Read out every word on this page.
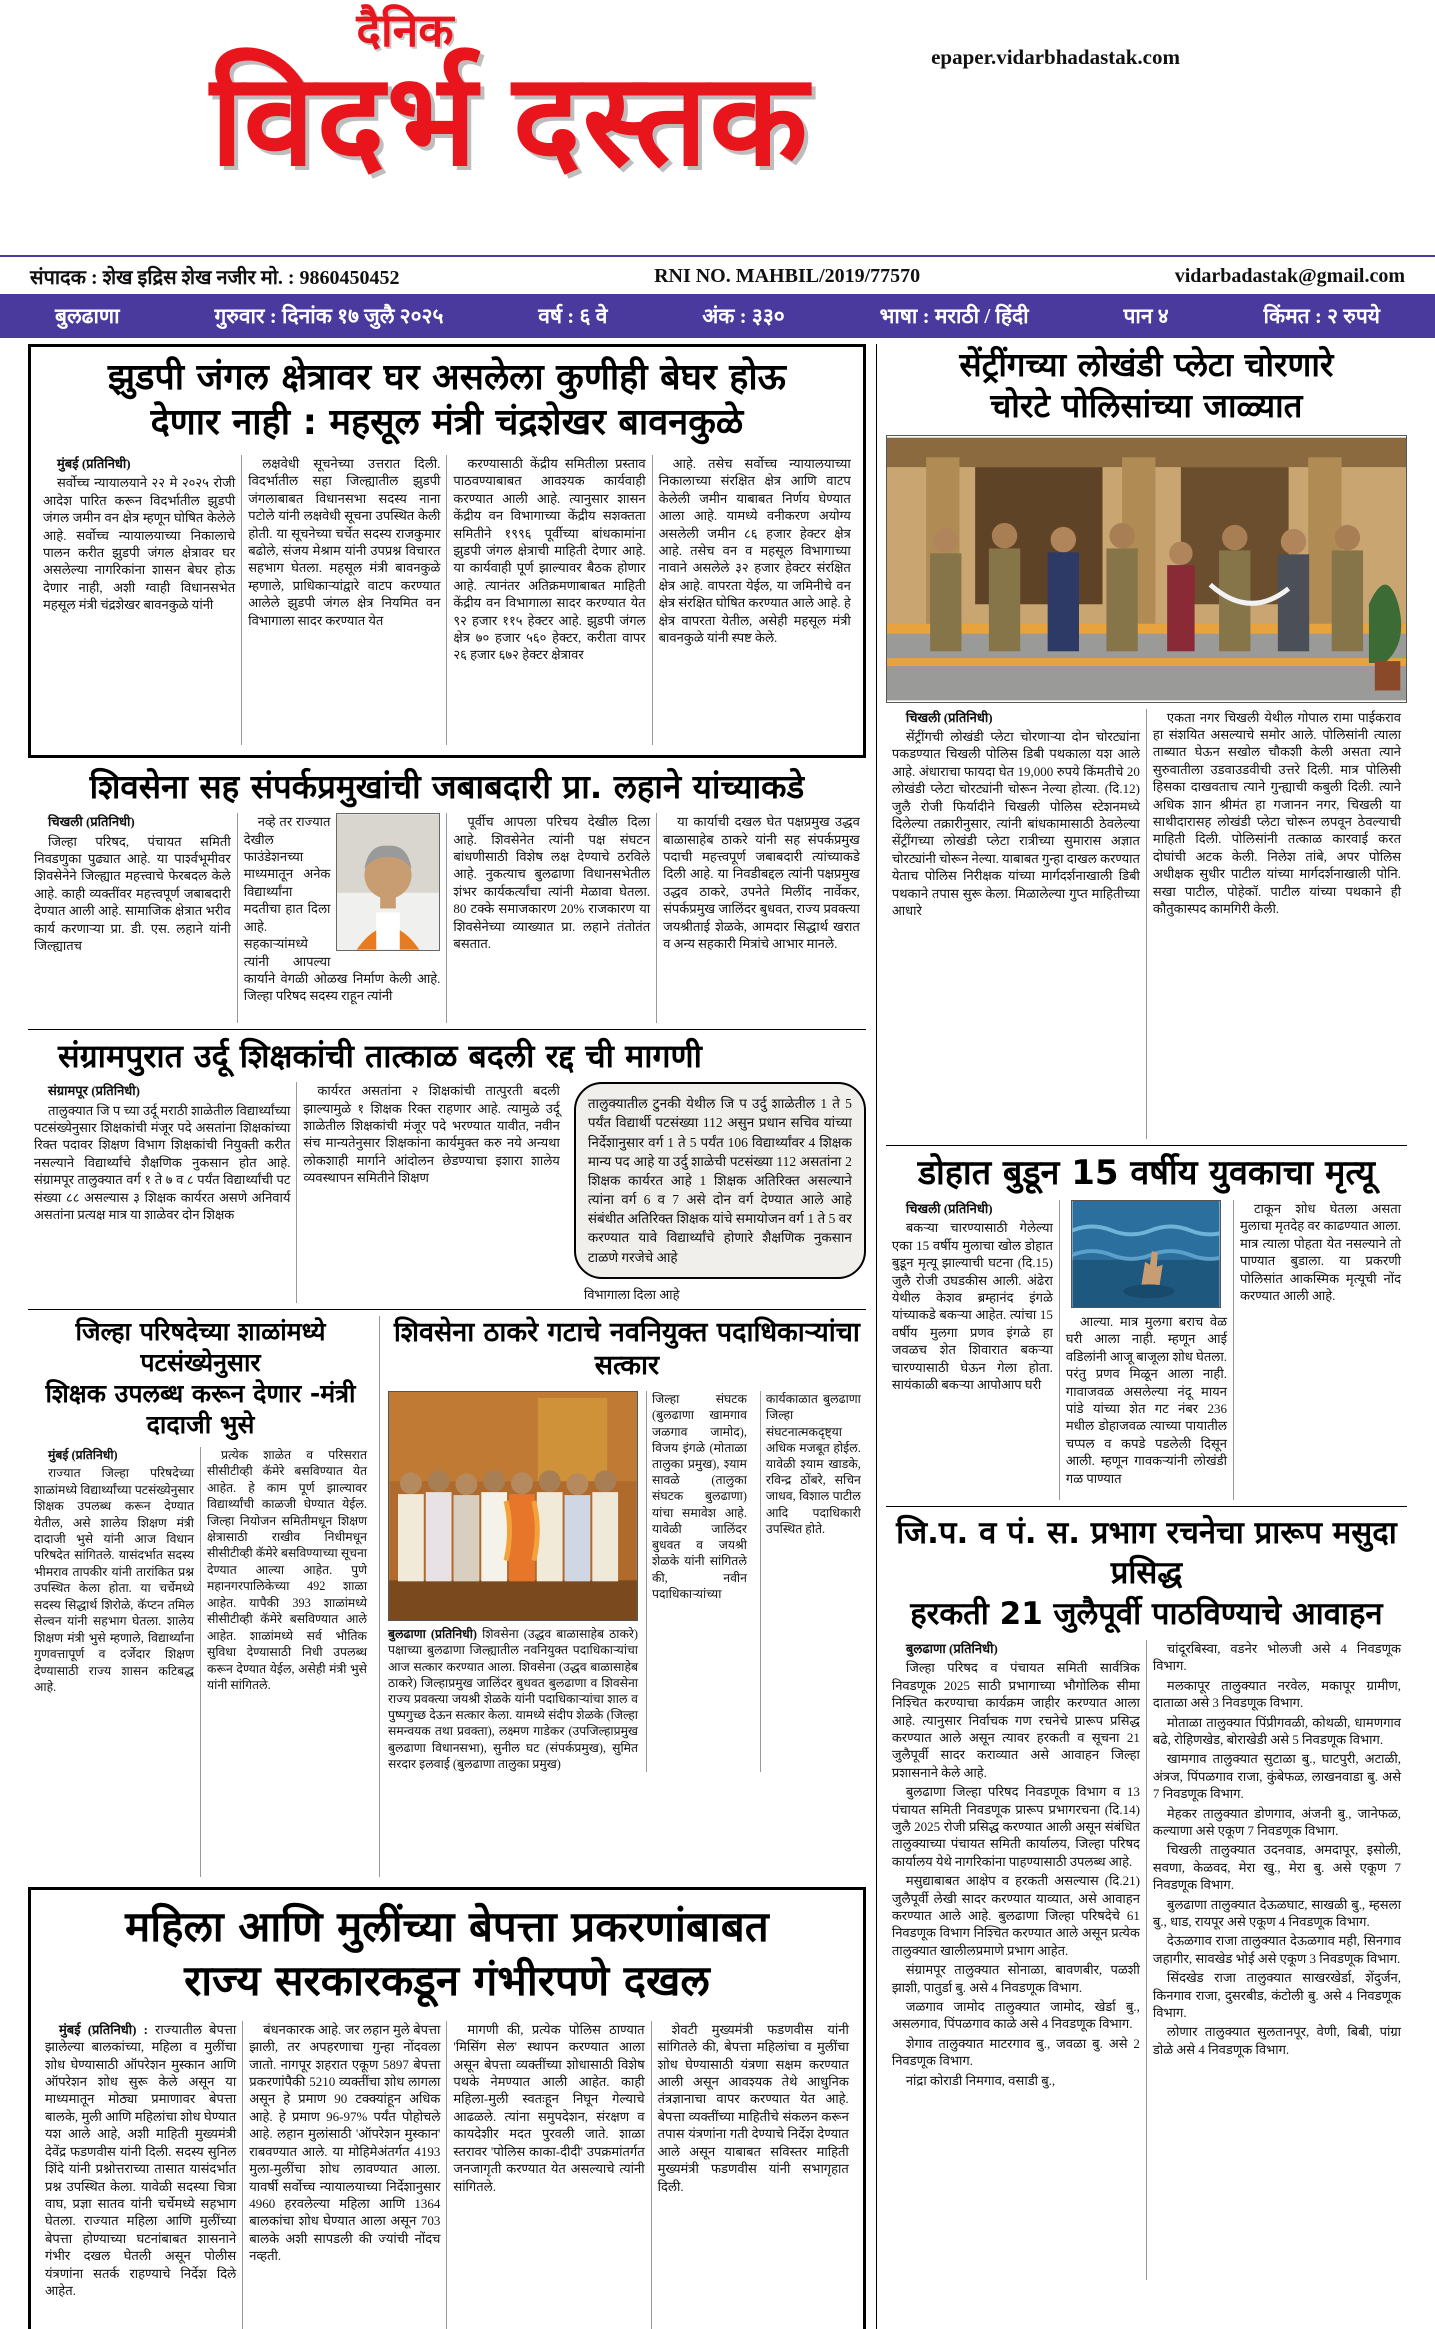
epaper.vidarbhadastak.com
दैनिक
विदर्भ दस्तक
संपादक : शेख इद्रिस शेख नजीर मो. : 9860450452	RNI NO. MAHBIL/2019/77570	vidarbadastak@gmail.com
बुलढाणा	गुरुवार : दिनांक १७ जुलै २०२५	वर्ष : ६ वे	अंक : ३३०	भाषा : मराठी / हिंदी	पान ४	किंमत : २ रुपये
झुडपी जंगल क्षेत्रावर घर असलेला कुणीही बेघर होऊ
देणार नाही : महसूल मंत्री चंद्रशेखर बावनकुळे

मुंबई (प्रतिनिधी)

सर्वोच्च न्यायालयाने २२ मे २०२५ रोजी आदेश पारित करून विदर्भातील झुडपी जंगल जमीन वन क्षेत्र म्हणून घोषित केलेले आहे. सर्वोच्च न्यायालयाच्या निकालाचे पालन करीत झुडपी जंगल क्षेत्रावर घर असलेल्या नागरिकांना शासन बेघर होऊ देणार नाही, अशी ग्वाही विधानसभेत महसूल मंत्री चंद्रशेखर बावनकुळे यांनी

लक्षवेधी सूचनेच्या उत्तरात दिली. विदर्भातील सहा जिल्ह्यातील झुडपी जंगलाबाबत विधानसभा सदस्य नाना पटोले यांनी लक्षवेधी सूचना उपस्थित केली होती. या सूचनेच्या चर्चेत सदस्य राजकुमार बढोले, संजय मेश्राम यांनी उपप्रश्न विचारत सहभाग घेतला. महसूल मंत्री बावनकुळे म्हणाले, प्राधिकाऱ्यांद्वारे वाटप करण्यात आलेले झुडपी जंगल क्षेत्र नियमित वन विभागाला सादर करण्यात येत

करण्यासाठी केंद्रीय समितीला प्रस्ताव पाठवण्याबाबत आवश्यक कार्यवाही करण्यात आली आहे. त्यानुसार शासन केंद्रीय वन विभागाच्या केंद्रीय सशक्तता समितीने १९९६ पूर्वीच्या बांधकामांना झुडपी जंगल क्षेत्राची माहिती देणार आहे. या कार्यवाही पूर्ण झाल्यावर बैठक होणार आहे. त्यानंतर अतिक्रमणाबाबत माहिती केंद्रीय वन विभागाला सादर करण्यात येत ९२ हजार ११५ हेक्टर आहे. झुडपी जंगल क्षेत्र ७० हजार ५६० हेक्टर, करीता वापर २६ हजार ६७२ हेक्टर क्षेत्रावर

आहे. तसेच सर्वोच्च न्यायालयाच्या निकालाच्या संरक्षित क्षेत्र आणि वाटप केलेली जमीन याबाबत निर्णय घेण्यात आला आहे. यामध्ये वनीकरण अयोग्य असलेली जमीन ८६ हजार हेक्टर क्षेत्र आहे. तसेच वन व महसूल विभागाच्या नावाने असलेले ३२ हजार हेक्टर संरक्षित क्षेत्र आहे. वापरता येईल, या जमिनीचे वन क्षेत्र संरक्षित घोषित करण्यात आले आहे. हे क्षेत्र वापरता येतील, असेही महसूल मंत्री बावनकुळे यांनी स्पष्ट केले.

शिवसेना सह संपर्कप्रमुखांची जबाबदारी प्रा. लहाने यांच्याकडे

चिखली (प्रतिनिधी)

जिल्हा परिषद, पंचायत समिती निवडणुका पुढ्यात आहे. या पार्श्वभूमीवर शिवसेनेने जिल्ह्यात महत्त्वाचे फेरबदल केले आहे. काही व्यक्तींवर महत्त्वपूर्ण जबाबदारी देण्यात आली आहे. सामाजिक क्षेत्रात भरीव कार्य करणाऱ्या प्रा. डी. एस. लहाने यांनी जिल्ह्यातच

नव्हे तर राज्यात देखील फाउंडेशनच्या माध्यमातून अनेक विद्यार्थ्यांना मदतीचा हात दिला आहे. सहकाऱ्यांमध्ये त्यांनी आपल्या कार्याने वेगळी ओळख निर्माण केली आहे. जिल्हा परिषद सदस्य राहून त्यांनी

पूर्वीच आपला परिचय देखील दिला आहे. शिवसेनेत त्यांनी पक्ष संघटन बांधणीसाठी विशेष लक्ष देण्याचे ठरविले आहे. नुकत्याच बुलढाणा विधानसभेतील शंभर कार्यकर्त्यांचा त्यांनी मेळावा घेतला. 80 टक्के समाजकारण 20% राजकारण या शिवसेनेच्या व्याख्यात प्रा. लहाने तंतोतंत बसतात.

या कार्याची दखल घेत पक्षप्रमुख उद्धव बाळासाहेब ठाकरे यांनी सह संपर्कप्रमुख पदाची महत्त्वपूर्ण जबाबदारी त्यांच्याकडे दिली आहे. या निवडीबद्दल त्यांनी पक्षप्रमुख उद्धव ठाकरे, उपनेते मिलींद नार्वेकर, संपर्कप्रमुख जालिंदर बुधवत, राज्य प्रवक्त्या जयश्रीताई शेळके, आमदार सिद्धार्थ खरात व अन्य सहकारी मित्रांचे आभार मानले.

संग्रामपुरात उर्दू शिक्षकांची तात्काळ बदली रद्द ची मागणी

संग्रामपूर (प्रतिनिधी)

तालुक्यात जि प च्या उर्दू मराठी शाळेतील विद्यार्थ्यांच्या पटसंख्येनुसार शिक्षकांची मंजूर पदे असतांना शिक्षकांच्या रिक्त पदावर शिक्षण विभाग शिक्षकांची नियुक्ती करीत नसल्याने विद्यार्थ्यांचे शैक्षणिक नुकसान होत आहे. संग्रामपूर तालुक्यात वर्ग १ ते ७ व ८ पर्यंत विद्यार्थ्यांची पट संख्या ८८ असल्यास ३ शिक्षक कार्यरत असणे अनिवार्य असतांना प्रत्यक्ष मात्र या शाळेवर दोन शिक्षक

कार्यरत असतांना २ शिक्षकांची तात्पुरती बदली झाल्यामुळे १ शिक्षक रिक्त राहणार आहे. त्यामुळे उर्दू शाळेतील शिक्षकांची मंजूर पदे भरण्यात यावीत, नवीन संच मान्यतेनुसार शिक्षकांना कार्यमुक्त करु नये अन्यथा लोकशाही मार्गाने आंदोलन छेडण्याचा इशारा शालेय व्यवस्थापन समितीने शिक्षण

तालुक्यातील टुनकी येथील जि प उर्दु शाळेतील 1 ते 5 पर्यंत विद्यार्थी पटसंख्या 112 असुन प्रधान सचिव यांच्या निर्देशानुसार वर्ग 1 ते 5 पर्यंत 106 विद्यार्थ्यांवर 4 शिक्षक मान्य पद आहे या उर्दु शाळेची पटसंख्या 112 असतांना 2 शिक्षक कार्यरत आहे 1 शिक्षक अतिरिक्त असल्याने त्यांना वर्ग 6 व 7 असे दोन वर्ग देण्यात आले आहे संबंधीत अतिरिक्त शिक्षक यांचे समायोजन वर्ग 1 ते 5 वर करण्यात यावे विद्यार्थ्यांचे होणारे शैक्षणिक नुकसान टाळणे गरजेचे आहे
विभागाला दिला आहे
जिल्हा परिषदेच्या शाळांमध्ये पटसंख्येनुसार
शिक्षक उपलब्ध करून देणार -मंत्री दादाजी भुसे

मुंबई (प्रतिनिधी)

राज्यात जिल्हा परिषदेच्या शाळांमध्ये विद्यार्थ्यांच्या पटसंख्येनुसार शिक्षक उपलब्ध करून देण्यात येतील, असे शालेय शिक्षण मंत्री दादाजी भुसे यांनी आज विधान परिषदेत सांगितले. यासंदर्भात सदस्य भीमराव तापकीर यांनी तारांकित प्रश्न उपस्थित केला होता. या चर्चेमध्ये सदस्य सिद्धार्थ शिरोळे, कॅप्टन तमिल सेल्वन यांनी सहभाग घेतला. शालेय शिक्षण मंत्री भुसे म्हणाले, विद्यार्थ्यांना गुणवत्तापूर्ण व दर्जेदार शिक्षण देण्यासाठी राज्य शासन कटिबद्ध आहे.

प्रत्येक शाळेत व परिसरात सीसीटीव्ही कॅमेरे बसविण्यात येत आहेत. हे काम पूर्ण झाल्यावर विद्यार्थ्यांची काळजी घेण्यात येईल. जिल्हा नियोजन समितीमधून शिक्षण क्षेत्रासाठी राखीव निधीमधून सीसीटीव्ही कॅमेरे बसविण्याच्या सूचना देण्यात आल्या आहेत. पुणे महानगरपालिकेच्या 492 शाळा आहेत. यापैकी 393 शाळांमध्ये सीसीटीव्ही कॅमेरे बसविण्यात आले आहेत. शाळांमध्ये सर्व भौतिक सुविधा देण्यासाठी निधी उपलब्ध करून देण्यात येईल, असेही मंत्री भुसे यांनी सांगितले.

शिवसेना ठाकरे गटाचे नवनियुक्त पदाधिकाऱ्यांचा सत्कार
बुलढाणा (प्रतिनिधी) शिवसेना (उद्धव बाळासाहेब ठाकरे) पक्षाच्या बुलढाणा जिल्ह्यातील नवनियुक्त पदाधिकाऱ्यांचा आज सत्कार करण्यात आला. शिवसेना (उद्धव बाळासाहेब ठाकरे) जिल्हाप्रमुख जालिंदर बुधवत बुलढाणा व शिवसेना राज्य प्रवक्त्या जयश्री शेळके यांनी पदाधिकाऱ्यांचा शाल व पुष्पगुच्छ देऊन सत्कार केला. यामध्ये संदीप शेळके (जिल्हा समन्वयक तथा प्रवक्ता), लक्ष्मण गाडेकर (उपजिल्हाप्रमुख बुलढाणा विधानसभा), सुनील घट (संपर्कप्रमुख), सुमित सरदार इलवाई (बुलढाणा तालुका प्रमुख)
जिल्हा संघटक (बुलढाणा खामगाव जळगाव जामोद), विजय इंगळे (मोताळा तालुका प्रमुख), श्याम सावळे (तालुका संघटक बुलढाणा) यांचा समावेश आहे. यावेळी जालिंदर बुधवत व जयश्री शेळके यांनी सांगितले की, नवीन पदाधिकाऱ्यांच्या
कार्यकाळात बुलढाणा जिल्हा संघटनात्मकदृष्ट्या अधिक मजबूत होईल. यावेळी श्याम खाडके, रविन्द्र ठोंबरे, सचिन जाधव, विशाल पाटील आदि पदाधिकारी उपस्थित होते.
महिला आणि मुलींच्या बेपत्ता प्रकरणांबाबत
राज्य सरकारकडून गंभीरपणे दखल

मुंबई (प्रतिनिधी) : राज्यातील बेपत्ता झालेल्या बालकांच्या, महिला व मुलींचा शोध घेण्यासाठी ऑपरेशन मुस्कान आणि ऑपरेशन शोध सुरू केले असून या माध्यमातून मोठ्या प्रमाणावर बेपत्ता बालके, मुली आणि महिलांचा शोध घेण्यात यश आले आहे, अशी माहिती मुख्यमंत्री देवेंद्र फडणवीस यांनी दिली. सदस्य सुनिल शिंदे यांनी प्रश्नोत्तराच्या तासात यासंदर्भात प्रश्न उपस्थित केला. यावेळी सदस्या चित्रा वाघ, प्रज्ञा सातव यांनी चर्चेमध्ये सहभाग घेतला. राज्यात महिला आणि मुलींच्या बेपत्ता होण्याच्या घटनांबाबत शासनाने गंभीर दखल घेतली असून पोलीस यंत्रणांना सतर्क राहण्याचे निर्देश दिले आहेत.

बंधनकारक आहे. जर लहान मुले बेपत्ता झाली, तर अपहरणाचा गुन्हा नोंदवला जातो. नागपूर शहरात एकूण 5897 बेपत्ता प्रकरणांपैकी 5210 व्यक्तींचा शोध लागला असून हे प्रमाण 90 टक्क्यांहून अधिक आहे. हे प्रमाण 96-97% पर्यंत पोहोचले आहे. लहान मुलांसाठी 'ऑपरेशन मुस्कान' राबवण्यात आले. या मोहिमेअंतर्गत 4193 मुला-मुलींचा शोध लावण्यात आला. यावर्षी सर्वोच्च न्यायालयाच्या निर्देशानुसार 4960 हरवलेल्या महिला आणि 1364 बालकांचा शोध घेण्यात आला असून 703 बालके अशी सापडली की ज्यांची नोंदच नव्हती.

मागणी की, प्रत्येक पोलिस ठाण्यात 'मिसिंग सेल' स्थापन करण्यात आला असून बेपत्ता व्यक्तींच्या शोधासाठी विशेष पथके नेमण्यात आली आहेत. काही महिला-मुली स्वतःहून निघून गेल्याचे आढळले. त्यांना समुपदेशन, संरक्षण व कायदेशीर मदत पुरवली जाते. शाळा स्तरावर 'पोलिस काका-दीदी' उपक्रमांतर्गत जनजागृती करण्यात येत असल्याचे त्यांनी सांगितले.

शेवटी मुख्यमंत्री फडणवीस यांनी सांगितले की, बेपत्ता महिलांचा व मुलींचा शोध घेण्यासाठी यंत्रणा सक्षम करण्यात आली असून आवश्यक तेथे आधुनिक तंत्रज्ञानाचा वापर करण्यात येत आहे. बेपत्ता व्यक्तींच्या माहितीचे संकलन करून तपास यंत्रणांना गती देण्याचे निर्देश देण्यात आले असून याबाबत सविस्तर माहिती मुख्यमंत्री फडणवीस यांनी सभागृहात दिली.

सेंट्रींगच्या लोखंडी प्लेटा चोरणारे
चोरटे पोलिसांच्या जाळ्यात

चिखली (प्रतिनिधी)

सेंट्रींगची लोखंडी प्लेटा चोरणाऱ्या दोन चोरट्यांना पकडण्यात चिखली पोलिस डिबी पथकाला यश आले आहे. अंधाराचा फायदा घेत 19,000 रुपये किंमतीचे 20 लोखंडी प्लेटा चोरट्यांनी चोरून नेल्या होत्या. (दि.12) जुलै रोजी फिर्यादीने चिखली पोलिस स्टेशनमध्ये दिलेल्या तक्रारीनुसार, त्यांनी बांधकामासाठी ठेवलेल्या सेंट्रींगच्या लोखंडी प्लेटा रात्रीच्या सुमारास अज्ञात चोरट्यांनी चोरून नेल्या. याबाबत गुन्हा दाखल करण्यात येताच पोलिस निरीक्षक यांच्या मार्गदर्शनाखाली डिबी पथकाने तपास सुरू केला. मिळालेल्या गुप्त माहितीच्या आधारे

एकता नगर चिखली येथील गोपाल रामा पाईकराव हा संशयित असल्याचे समोर आले. पोलिसांनी त्याला ताब्यात घेऊन सखोल चौकशी केली असता त्याने सुरुवातीला उडवाउडवीची उत्तरे दिली. मात्र पोलिसी हिसका दाखवताच त्याने गुन्ह्याची कबुली दिली. त्याने अधिक शान श्रीमंत हा गजानन नगर, चिखली या साथीदारासह लोखंडी प्लेटा चोरून लपवून ठेवल्याची माहिती दिली. पोलिसांनी तत्काळ कारवाई करत दोघांची अटक केली. निलेश तांबे, अपर पोलिस अधीक्षक सुधीर पाटील यांच्या मार्गदर्शनाखाली पोनि. सखा पाटील, पोहेकॉ. पाटील यांच्या पथकाने ही कौतुकास्पद कामगिरी केली.

डोहात बुडून 15 वर्षीय युवकाचा मृत्यू

चिखली (प्रतिनिधी)

बकऱ्या चारण्यासाठी गेलेल्या एका 15 वर्षीय मुलाचा खोल डोहात बुडून मृत्यू झाल्याची घटना (दि.15) जुलै रोजी उघडकीस आली. अंढेरा येथील केशव ब्रम्हानंद इंगळे यांच्याकडे बकऱ्या आहेत. त्यांचा 15 वर्षीय मुलगा प्रणव इंगळे हा जवळच शेत शिवारात बकऱ्या चारण्यासाठी घेऊन गेला होता. सायंकाळी बकऱ्या आपोआप घरी

आल्या. मात्र मुलगा बराच वेळ घरी आला नाही. म्हणून आई वडिलांनी आजू बाजूला शोध घेतला. परंतु प्रणव मिळून आला नाही. गावाजवळ असलेल्या नंदू मायन पांडे यांच्या शेत गट नंबर 236 मधील डोहाजवळ त्याच्या पायातील चप्पल व कपडे पडलेली दिसून आली. म्हणून गावकऱ्यांनी लोखंडी गळ पाण्यात

टाकून शोध घेतला असता मुलाचा मृतदेह वर काढण्यात आला. मात्र त्याला पोहता येत नसल्याने तो पाण्यात बुडाला. या प्रकरणी पोलिसांत आकस्मिक मृत्यूची नोंद करण्यात आली आहे.

जि.प. व पं. स. प्रभाग रचनेचा प्रारूप मसुदा प्रसिद्ध
हरकती 21 जुलैपूर्वी पाठविण्याचे आवाहन

बुलढाणा (प्रतिनिधी)

जिल्हा परिषद व पंचायत समिती सार्वत्रिक निवडणूक 2025 साठी प्रभागाच्या भौगोलिक सीमा निश्चित करण्याचा कार्यक्रम जाहीर करण्यात आला आहे. त्यानुसार निर्वाचक गण रचनेचे प्रारूप प्रसिद्ध करण्यात आले असून त्यावर हरकती व सूचना 21 जुलैपूर्वी सादर कराव्यात असे आवाहन जिल्हा प्रशासनाने केले आहे.

बुलढाणा जिल्हा परिषद निवडणूक विभाग व 13 पंचायत समिती निवडणूक प्रारूप प्रभागरचना (दि.14) जुलै 2025 रोजी प्रसिद्ध करण्यात आली असून संबंधित तालुक्याच्या पंचायत समिती कार्यालय, जिल्हा परिषद कार्यालय येथे नागरिकांना पाहण्यासाठी उपलब्ध आहे.

मसुद्याबाबत आक्षेप व हरकती असल्यास (दि.21) जुलैपूर्वी लेखी सादर करण्यात याव्यात, असे आवाहन करण्यात आले आहे. बुलढाणा जिल्हा परिषदेचे 61 निवडणूक विभाग निश्चित करण्यात आले असून प्रत्येक तालुक्यात खालीलप्रमाणे प्रभाग आहेत.

संग्रामपूर तालुक्यात सोनाळा, बावणबीर, पळशी झाशी, पातुर्डा बु. असे 4 निवडणूक विभाग.

जळगाव जामोद तालुक्यात जामोद, खेर्डा बु., असलगाव, पिंपळगाव काळे असे 4 निवडणूक विभाग.

शेगाव तालुक्यात माटरगाव बु., जवळा बु. असे 2 निवडणूक विभाग.

नांद्रा कोराडी निमगाव, वसाडी बु.,

चांदूरबिस्वा, वडनेर भोलजी असे 4 निवडणूक विभाग.

मलकापूर तालुक्यात नरवेल, मकापूर ग्रामीण, दाताळा असे 3 निवडणूक विभाग.

मोताळा तालुक्यात पिंप्रीगवळी, कोथळी, धामणगाव बढे, रोहिणखेड, बोराखेडी असे 5 निवडणूक विभाग.

खामगाव तालुक्यात सुटाळा बु., घाटपुरी, अटाळी, अंत्रज, पिंपळगाव राजा, कुंबेफळ, लाखनवाडा बु. असे 7 निवडणूक विभाग.

मेहकर तालुक्यात डोणगाव, अंजनी बु., जानेफळ, कल्याणा असे एकूण 7 निवडणूक विभाग.

चिखली तालुक्यात उदनवाड, अमदापूर, इसोली, सवणा, केळवद, मेरा खु., मेरा बु. असे एकूण 7 निवडणूक विभाग.

बुलढाणा तालुक्यात देऊळघाट, साखळी बु., म्हसला बु., धाड, रायपूर असे एकूण 4 निवडणूक विभाग.

देऊळगाव राजा तालुक्यात देऊळगाव मही, सिनगाव जहागीर, सावखेड भोई असे एकूण 3 निवडणूक विभाग.

सिंदखेड राजा तालुक्यात साखरखेर्डा, शेंदुर्जन, किनगाव राजा, दुसरबीड, कंटोली बु. असे 4 निवडणूक विभाग.

लोणार तालुक्यात सुलतानपूर, वेणी, बिबी, पांग्रा डोळे असे 4 निवडणूक विभाग.
